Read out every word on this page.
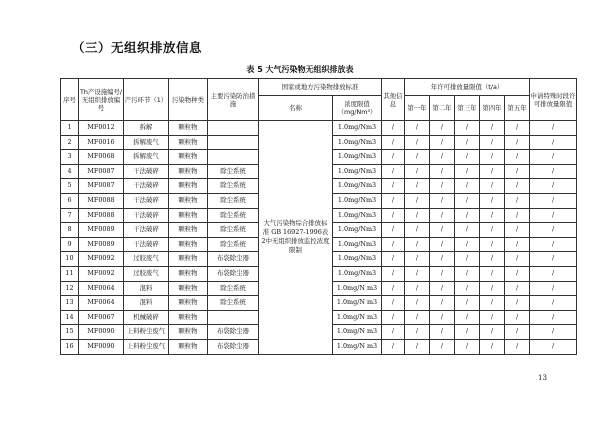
（三）无组织排放信息
表 5 大气污染物无组织排放表
序号	Th产设施编号/无组织排放编号	产污环节（1）	污染物种类	主要污染防治措施	国家或地方污染物排放标准		其他信息	年许可排放量限值（t/a）					申请特殊时段许可排放量限值
					名称	浓度限值（mg/Nm³）		第一年	第二年	第三年	第四年	第五年	
1	MF0012	拆解	颗粒物		大气污染物综合排放标准 GB 16927-1996表2中无组织排放监控浓度限制	1.0mg/Nm3	/	/	/	/	/	/	/
2	MF0016	拆解废气	颗粒物			1.0mg/Nm3	/	/	/	/	/	/	/
3	MF0068	拆解废气	颗粒物			1.0mg/Nm3	/	/	/	/	/	/	/
4	MF0087	干法破碎	颗粒物	除尘系统		1.0mg/Nm3	/	/	/	/	/	/	/
5	MF0087	干法破碎	颗粒物	除尘系统		1.0mg/Nm3	/	/	/	/	/	/	/
6	MF0088	干法破碎	颗粒物	除尘系统		1.0mg/Nm3	/	/	/	/	/	/	/
7	MF0088	干法破碎	颗粒物	除尘系统		1.0mg/Nm3	/	/	/	/	/	/	/
8	MF0089	干法破碎	颗粒物	除尘系统		1.0mg/Nm3	/	/	/	/	/	/	/
9	MF0089	干法破碎	颗粒物	除尘系统		1.0mg/Nm3	/	/	/	/	/	/	/
10	MF0092	过胶废气	颗粒物	布袋除尘器		1.0mg/Nm3	/	/	/	/	/	/	/
11	MF0092	过胶废气	颗粒物	布袋除尘器		1.0mg/Nm3	/	/	/	/	/	/	/
12	MF0064	混料	颗粒物	除尘系统		1.0mg/N m3	/	/	/	/	/	/	/
13	MF0064	混料	颗粒物	除尘系统		1.0mg/N m3	/	/	/	/	/	/	/
14	MF0067	机械破碎	颗粒物			1.0mg/N m3	/	/	/	/	/	/	/
15	MF0090	上料粉尘废气	颗粒物	布袋除尘器		1.0mg/N m3	/	/	/	/	/	/	/
16	MF0090	上料粉尘废气	颗粒物	布袋除尘器		1.0mg/N m3	/	/	/	/	/	/	/
13
